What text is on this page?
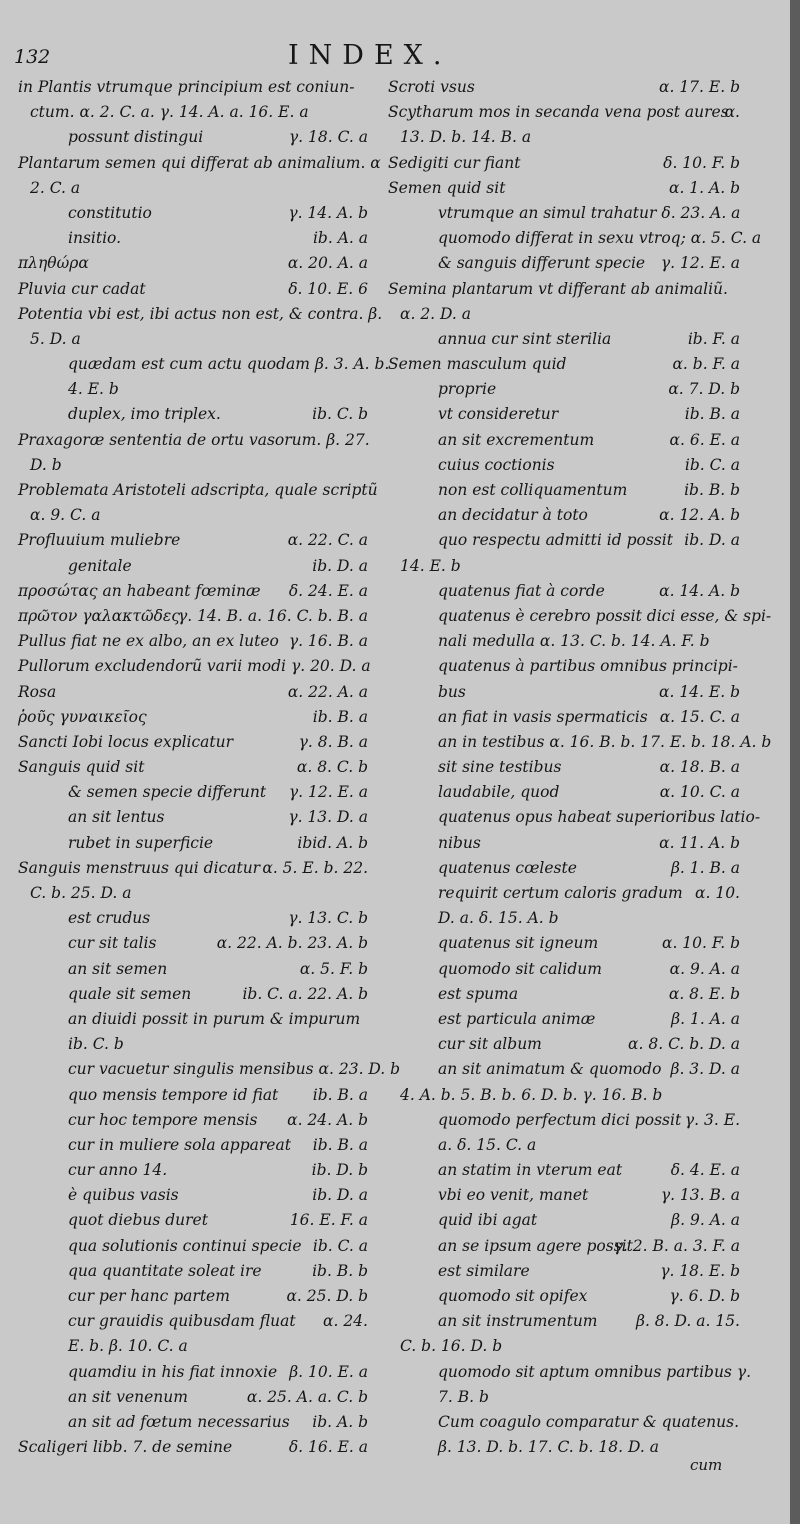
132	INDEX.
in Plantis vtrumque principium est coniun-
ctum. α. 2. C. a. γ. 14. A. a. 16. E. a
possunt distingui	γ. 18. C. a
Plantarum semen qui differat ab animalium. α
2. C. a
constitutio	γ. 14. A. b
insitio.	ib. A. a
πληθώρα	α. 20. A. a
Pluvia cur cadat	δ. 10. E. 6
Potentia vbi est, ibi actus non est, & contra. β.
5. D. a
quædam est cum actu quodam β. 3. A. b.
4. E. b
duplex, imo triplex.	ib. C. b
Praxagoræ sententia de ortu vasorum. β. 27.
D. b
Problemata Aristoteli adscripta, quale scriptũ
α. 9. C. a
Profluuium muliebre	α. 22. C. a
genitale	ib. D. a
προσώτας an habeant fœminæ δ. 24. E. a
πρῶτον γαλακτῶδες
γ. 14. B. a. 16. C. b. B. a
Pullus fiat ne ex albo, an ex luteo γ. 16. B. a
Pullorum excludendorũ varii modi γ. 20. D. a
Rosa	α. 22. A. a
ῥοῦς γυναικεῖος	ib. B. a
Sancti Iobi locus explicatur	γ. 8. B. a
Sanguis quid sit	α. 8. C. b
& semen specie differunt γ. 12. E. a
an sit lentus	γ. 13. D. a
rubet in superficie	ibid. A. b
Sanguis menstruus qui dicatur α. 5. E. b. 22.
C. b. 25. D. a
est crudus	γ. 13. C. b
cur sit talis	α. 22. A. b. 23. A. b
an sit semen	α. 5. F. b
quale sit semen	ib. C. a. 22. A. b
an diuidi possit in purum & impurum
ib. C. b
cur vacuetur singulis mensibus α. 23. D. b
quo mensis tempore id fiat ib. B. a
cur hoc tempore mensis α. 24. A. b
cur in muliere sola appareat ib. B. a
cur anno 14.	ib. D. b
è quibus vasis	ib. D. a
quot diebus duret	16. E. F. a
qua solutionis continui specie ib. C. a
qua quantitate soleat ire	ib. B. b
cur per hanc partem	α. 25. D. b
cur grauidis quibusdam fluat α. 24.
E. b. β. 10. C. a
quamdiu in his fiat innoxie β. 10. E. a
an sit venenum	α. 25. A. a. C. b
an sit ad fœtum necessarius ib. A. b
Scaligeri libb. 7. de semine	δ. 16. E. a
Scroti vsus	α. 17. E. b
Scytharum mos in secanda vena post aures
α.
13. D. b. 14. B. a
Sedigiti cur fiant	δ. 10. F. b
Semen quid sit	α. 1. A. b
vtrumque an simul trahatur δ. 23. A. a
quomodo differat in sexu vtroq; α. 5. C. a
& sanguis differunt specie γ. 12. E. a
Semina plantarum vt differant ab animaliũ.
α. 2. D. a
annua cur sint sterilia	ib. F. a
Semen masculum quid	α. b. F. a
proprie	α. 7. D. b
vt consideretur	ib. B. a
an sit excrementum	α. 6. E. a
cuius coctionis	ib. C. a
non est colliquamentum	ib. B. b
an decidatur à toto	α. 12. A. b
quo respectu admitti id possit ib. D. a
14. E. b
quatenus fiat à corde	α. 14. A. b
quatenus è cerebro possit dici esse, & spi-
nali medulla α. 13. C. b. 14. A. F. b
quatenus à partibus omnibus principi-
bus	α. 14. E. b
an fiat in vasis spermaticis α. 15. C. a
an in testibus α. 16. B. b. 17. E. b. 18. A. b
sit sine testibus	α. 18. B. a
laudabile, quod	α. 10. C. a
quatenus opus habeat superioribus latio-
nibus	α. 11. A. b
quatenus cœleste	β. 1. B. a
requirit certum caloris gradum α. 10.
D. a. δ. 15. A. b
quatenus sit igneum	α. 10. F. b
quomodo sit calidum	α. 9. A. a
est spuma	α. 8. E. b
est particula animæ	β. 1. A. a
cur sit album	α. 8. C. b. D. a
an sit animatum & quomodo β. 3. D. a
4. A. b. 5. B. b. 6. D. b. γ. 16. B. b
quomodo perfectum dici possit γ. 3. E.
a. δ. 15. C. a
an statim in vterum eat	δ. 4. E. a
vbi eo venit, manet	γ. 13. B. a
quid ibi agat	β. 9. A. a
an se ipsum agere possit
γ. 2. B. a. 3. F. a
est similare	γ. 18. E. b
quomodo sit opifex	γ. 6. D. b
an sit instrumentum β. 8. D. a. 15.
C. b. 16. D. b
quomodo sit aptum omnibus partibus γ.
7. B. b
Cum coagulo comparatur & quatenus.
β. 13. D. b. 17. C. b. 18. D. a
cum
